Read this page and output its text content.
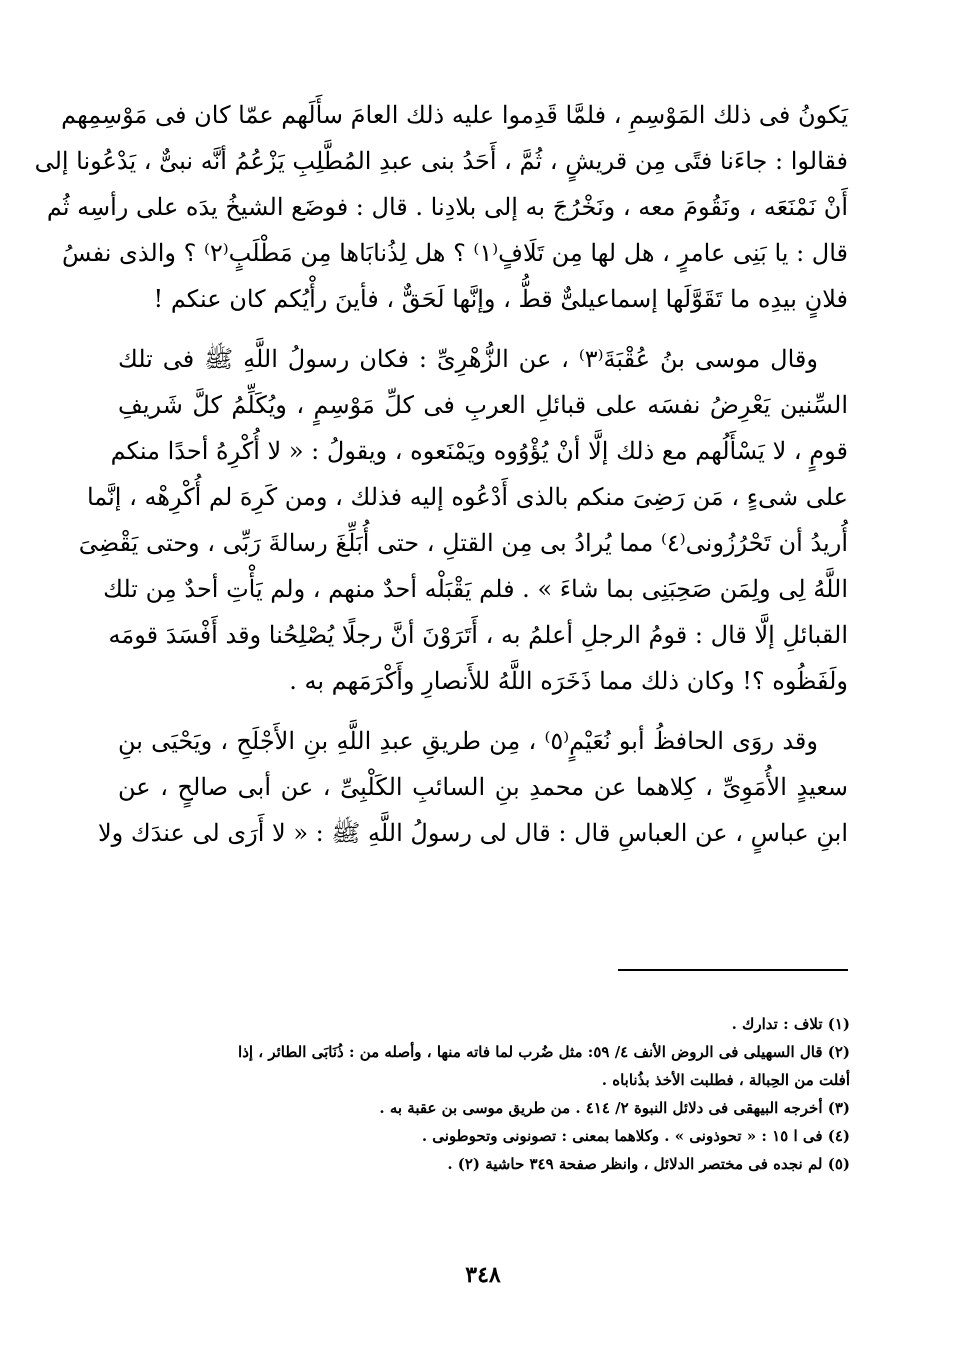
يَكونُ فى ذلك المَوْسِمِ ، فلمَّا قَدِموا عليه ذلك العامَ سأَلَهم عمّا كان فى مَوْسِمِهم
فقالوا : جاءَنا فتًى مِن قريشٍ ، ثُمَّ ، أَحَدُ بنى عبدِ المُطَّلِبِ يَزْعُمُ أنَّه نبىٌّ ، يَدْعُونا إلى
أَنْ نَمْنَعَه ، ونَقُومَ معه ، ونَخْرُجَ به إلى بلادِنا . قال : فوضَع الشيخُ يدَه على رأسِه ثُم
قال : يا بَنِى عامرٍ ، هل لها مِن تَلَافٍ⁽١⁾ ؟ هل لِذُنابَاها مِن مَطْلَبٍ⁽٢⁾ ؟ والذى نفسُ
فلانٍ بيدِه ما تَقَوَّلَها إسماعيلىٌّ قطُّ ، وإنَّها لَحَقٌّ ، فأينَ رأْيُكم كان عنكم !
وقال موسى بنُ عُقْبَةَ⁽٣⁾ ، عن الزُّهْرِىِّ : فكان رسولُ اللَّهِ ﷺ فى تلك
السِّنين يَعْرِضُ نفسَه على قبائلِ العربِ فى كلِّ مَوْسِمٍ ، ويُكَلِّمُ كلَّ شَريفِ
قومٍ ، لا يَسْأَلُهم مع ذلك إلَّا أنْ يُؤْوُوه ويَمْنَعوه ، ويقولُ : « لا أُكْرِهُ أحدًا منكم
على شىءٍ ، مَن رَضِىَ منكم بالذى أَدْعُوه إليه فذلك ، ومن كَرِهَ لم أُكْرِهْه ، إنَّما
أُريدُ أن تَحْرُزُونى⁽٤⁾ مما يُرادُ بى مِن القتلِ ، حتى أُبَلِّغَ رسالةَ رَبِّى ، وحتى يَقْضِىَ
اللَّهُ لِى ولِمَن صَحِبَنِى بما شاءَ » . فلم يَقْبَلْه أحدٌ منهم ، ولم يَأْتِ أحدٌ مِن تلك
القبائلِ إلَّا قال : قومُ الرجلِ أعلمُ به ، أَتَرَوْنَ أنَّ رجلًا يُصْلِحُنا وقد أَفْسَدَ قومَه
ولَفَظُوه ؟! وكان ذلك مما ذَخَرَه اللَّهُ للأَنصارِ وأَكْرَمَهم به .
وقد روَى الحافظُ أبو نُعَيْمٍ⁽٥⁾ ، مِن طريقِ عبدِ اللَّهِ بنِ الأَجْلَحِ ، ويَحْيَى بنِ
سعيدٍ الأُمَوِىِّ ، كِلاهما عن محمدِ بنِ السائبِ الكَلْبِىِّ ، عن أبى صالحٍ ، عن
ابنِ عباسٍ ، عن العباسِ قال : قال لى رسولُ اللَّهِ ﷺ : « لا أَرَى لى عندَك ولا
(١) تلاف : تدارك .
(٢) قال السهيلى فى الروض الأنف ٤/ ٥٩: مثل ضُرب لما فاته منها ، وأصله من : ذُنَابَى الطائر ، إذا
أفلت من الحِبالة ، فطلبت الأخذ بذُناباه .
(٣) أخرجه البيهقى فى دلائل النبوة ٢/ ٤١٤ . من طريق موسى بن عقبة به .
(٤) فى ا ١٥ : « تحوذونى » . وكلاهما بمعنى : تصونونى وتحوطونى .
(٥) لم نجده فى مختصر الدلائل ، وانظر صفحة ٣٤٩ حاشية (٢) .
٣٤٨
